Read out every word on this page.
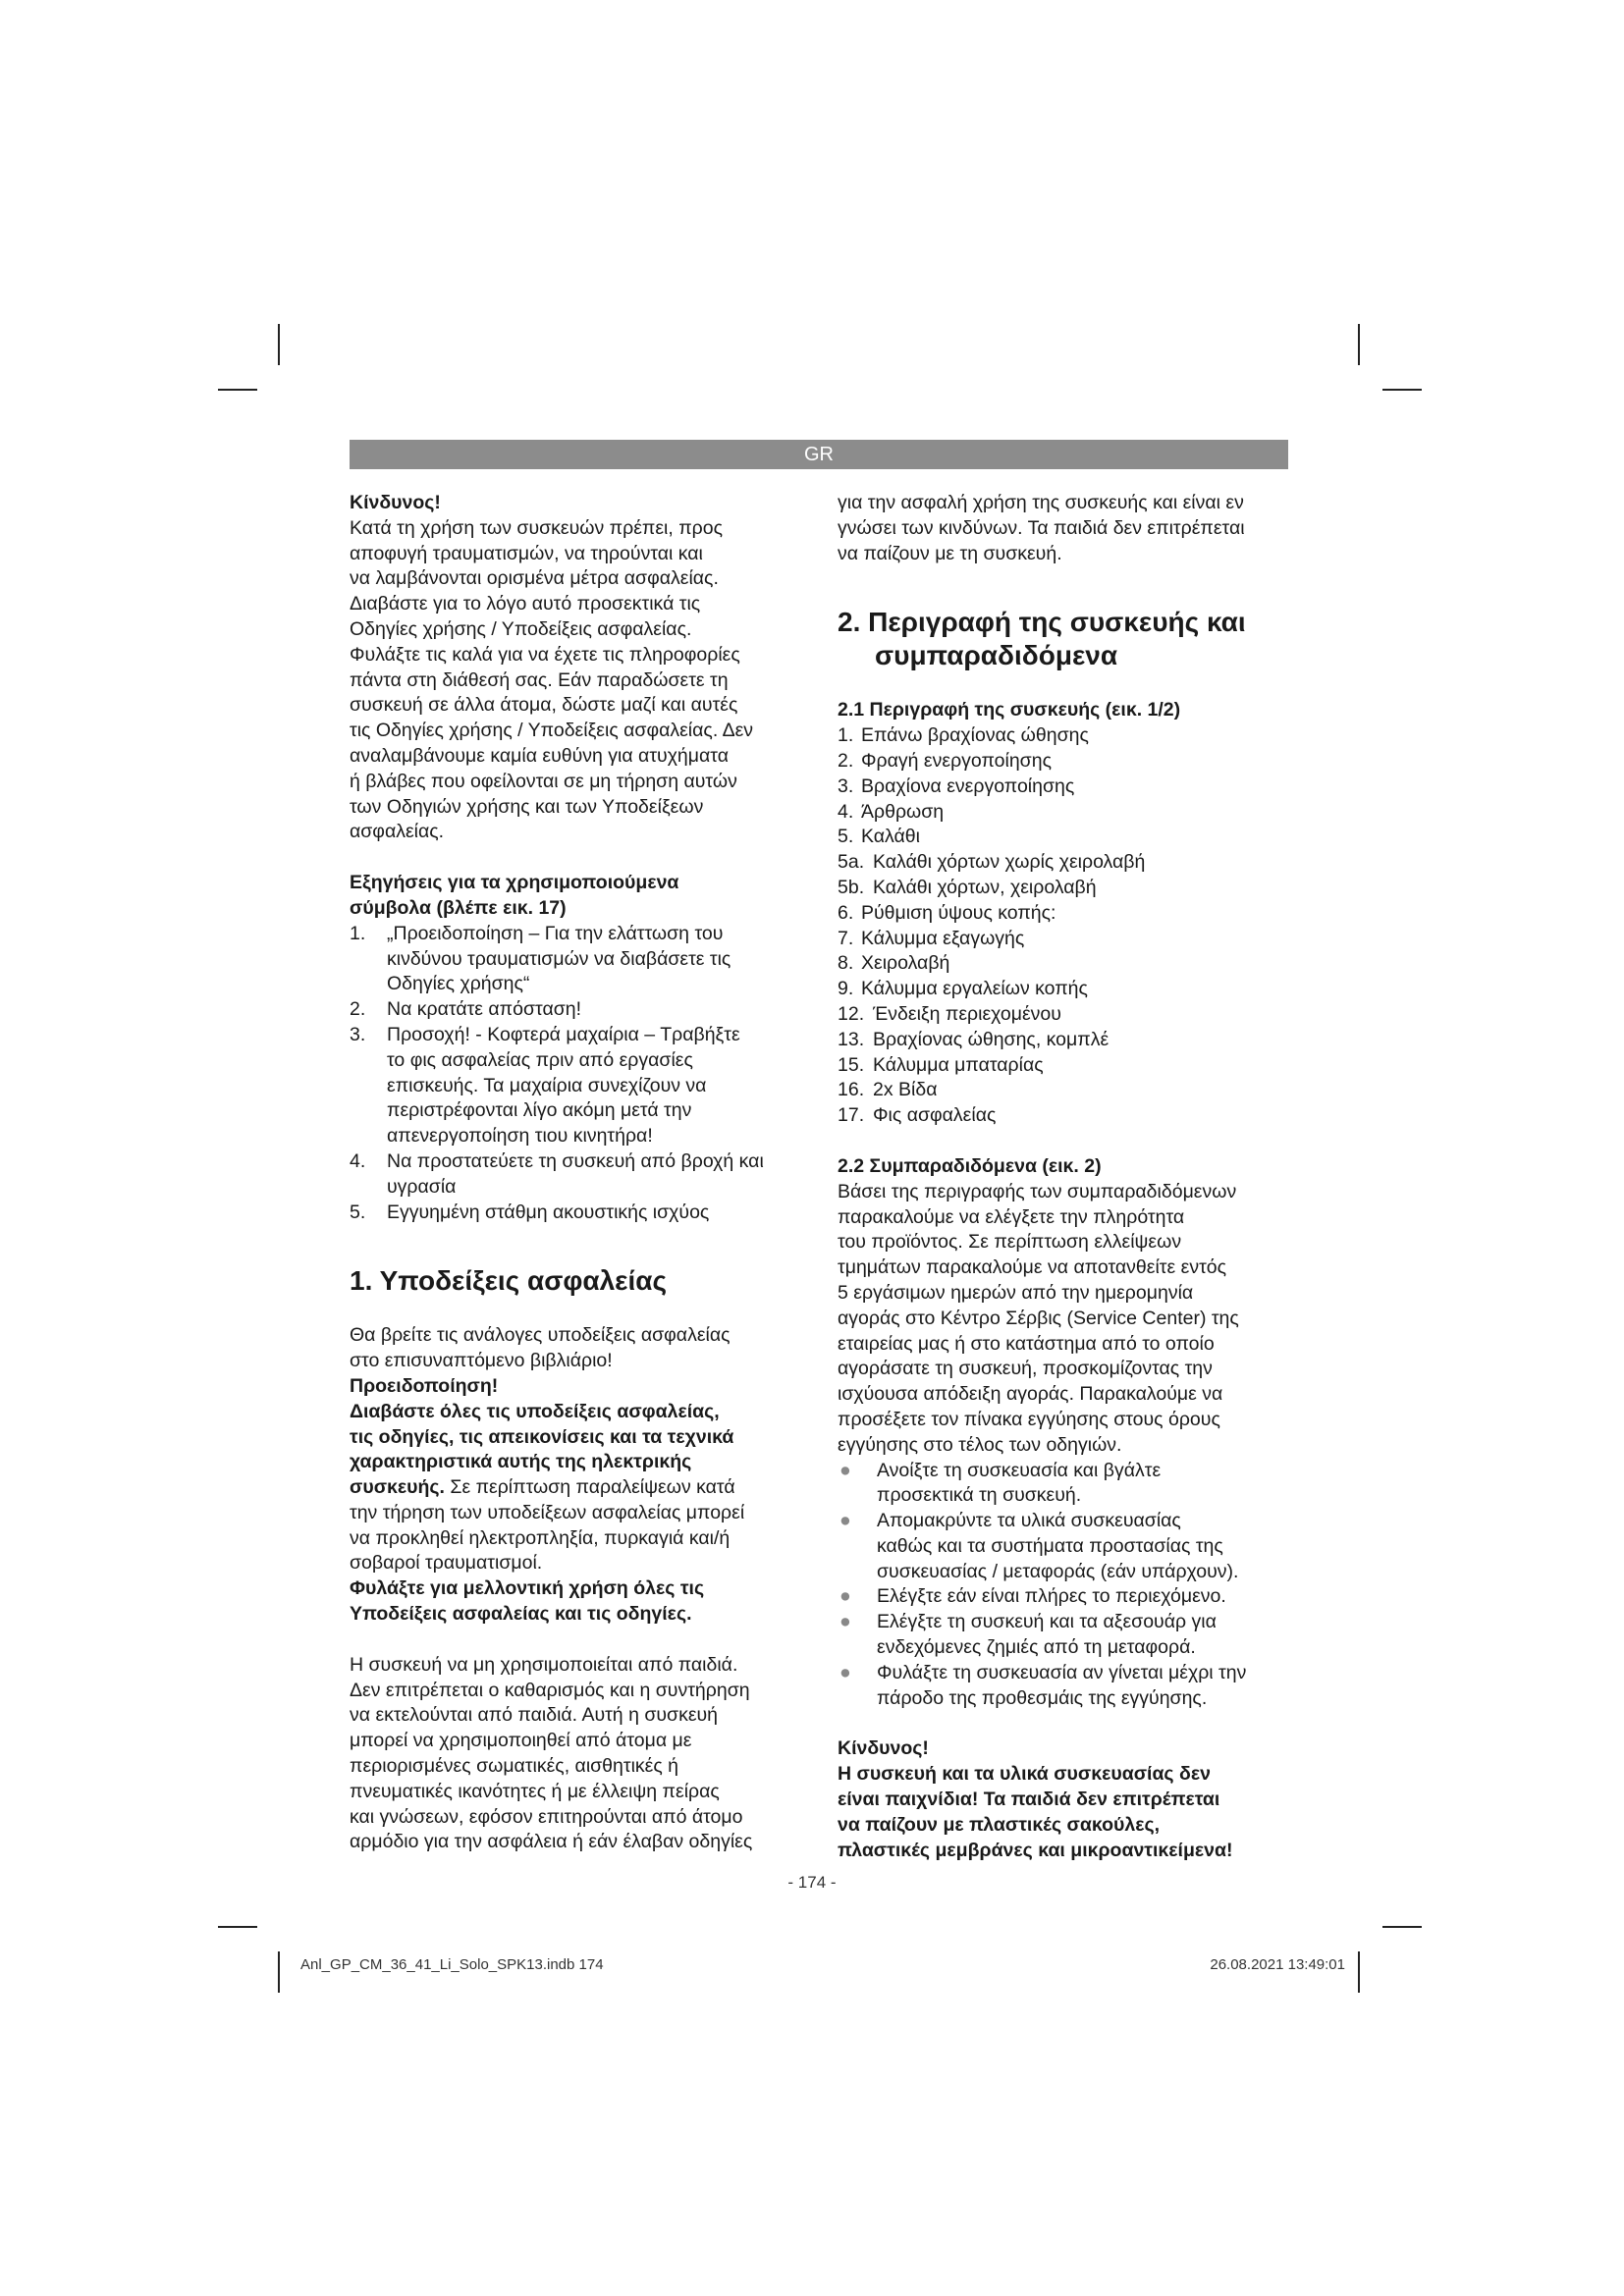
GR

Κίνδυνος!

Κατά τη χρήση των συσκευών πρέπει, προς

αποφυγή τραυματισμών, να τηρούνται και

να λαμβάνονται ορισμένα μέτρα ασφαλείας.

Διαβάστε για το λόγο αυτό προσεκτικά τις

Οδηγίες χρήσης / Υποδείξεις ασφαλείας.

Φυλάξτε τις καλά για να έχετε τις πληροφορίες

πάντα στη διάθεσή σας. Εάν παραδώσετε τη

συσκευή σε άλλα άτομα, δώστε μαζί και αυτές

τις Οδηγίες χρήσης / Υποδείξεις ασφαλείας. Δεν

αναλαμβάνουμε καμία ευθύνη για ατυχήματα

ή βλάβες που οφείλονται σε μη τήρηση αυτών

των Οδηγιών χρήσης και των Υποδείξεων

ασφαλείας.

Εξηγήσεις για τα χρησιμοποιούμενα

σύμβολα (βλέπε εικ. 17)

1.	„Προειδοποίηση – Για την ελάττωση του

κινδύνου τραυματισμών να διαβάσετε τις

Οδηγίες χρήσης“

2.	Να κρατάτε απόσταση!

3.	Προσοχή! - Κοφτερά μαχαίρια – Τραβήξτε

το φις ασφαλείας πριν από εργασίες

επισκευής. Τα μαχαίρια συνεχίζουν να

περιστρέφονται λίγο ακόμη μετά την

απενεργοποίηση τιου κινητήρα!

4.	Να προστατεύετε τη συσκευή από βροχή και

υγρασία

5.	Εγγυημένη στάθμη ακουστικής ισχύος

1. Υποδείξεις ασφαλείας

Θα βρείτε τις ανάλογες υποδείξεις ασφαλείας

στο επισυναπτόμενο βιβλιάριο!

Προειδοποίηση!

Διαβάστε όλες τις υποδείξεις ασφαλείας,

τις οδηγίες, τις απεικονίσεις και τα τεχνικά

χαρακτηριστικά αυτής της ηλεκτρικής

συσκευής. Σε περίπτωση παραλείψεων κατά

την τήρηση των υποδείξεων ασφαλείας μπορεί

να προκληθεί ηλεκτροπληξία, πυρκαγιά και/ή

σοβαροί τραυματισμοί.

Φυλάξτε για μελλοντική χρήση όλες τις

Υποδείξεις ασφαλείας και τις οδηγίες.

Η συσκευή να μη χρησιμοποιείται από παιδιά.

Δεν επιτρέπεται ο καθαρισμός και η συντήρηση

να εκτελούνται από παιδιά. Αυτή η συσκευή

μπορεί να χρησιμοποιηθεί από άτομα με

περιορισμένες σωματικές, αισθητικές ή

πνευματικές ικανότητες ή με έλλειψη πείρας

και γνώσεων, εφόσον επιτηρούνται από άτομο

αρμόδιο για την ασφάλεια ή εάν έλαβαν οδηγίες

για την ασφαλή χρήση της συσκευής και είναι εν

γνώσει των κινδύνων. Τα παιδιά δεν επιτρέπεται

να παίζουν με τη συσκευή.

2. Περιγραφή της συσκευής και

συμπαραδιδόμενα

2.1 Περιγραφή της συσκευής (εικ. 1/2)

1. Επάνω βραχίονας ώθησης
2. Φραγή ενεργοποίησης
3. Βραχίονα ενεργοποίησης
4. Άρθρωση
5. Καλάθι
5a. Καλάθι χόρτων χωρίς χειρολαβή
5b. Καλάθι χόρτων, χειρολαβή
6. Ρύθμιση ύψους κοπής:
7. Κάλυμμα εξαγωγής
8. Χειρολαβή
9. Κάλυμμα εργαλείων κοπής
12. Ένδειξη περιεχομένου
13. Βραχίονας ώθησης, κομπλέ
15. Κάλυμμα μπαταρίας
16. 2x Βίδα
17. Φις ασφαλείας

2.2 Συμπαραδιδόμενα (εικ. 2)

Βάσει της περιγραφής των συμπαραδιδόμενων

παρακαλούμε να ελέγξετε την πληρότητα

του προϊόντος. Σε περίπτωση ελλείψεων

τμημάτων παρακαλούμε να αποτανθείτε εντός

5 εργάσιμων ημερών από την ημερομηνία

αγοράς στο Κέντρο Σέρβις (Service Center) της

εταιρείας μας ή στο κατάστημα από το οποίο

αγοράσατε τη συσκευή, προσκομίζοντας την

ισχύουσα απόδειξη αγοράς. Παρακαλούμε να

προσέξετε τον πίνακα εγγύησης στους όρους

εγγύησης στο τέλος των οδηγιών.

●	Ανοίξτε τη συσκευασία και βγάλτε

προσεκτικά τη συσκευή.

●	Απομακρύντε τα υλικά συσκευασίας

καθώς και τα συστήματα προστασίας της

συσκευασίας / μεταφοράς (εάν υπάρχουν).

●	Ελέγξτε εάν είναι πλήρες το περιεχόμενο.

●	Ελέγξτε τη συσκευή και τα αξεσουάρ για

ενδεχόμενες ζημιές από τη μεταφορά.

●	Φυλάξτε τη συσκευασία αν γίνεται μέχρι την

πάροδο της προθεσμάις της εγγύησης.

Κίνδυνος!

Η συσκευή και τα υλικά συσκευασίας δεν

είναι παιχνίδια! Τα παιδιά δεν επιτρέπεται

να παίζουν με πλαστικές σακούλες,

πλαστικές μεμβράνες και μικροαντικείμενα!

- 174 -
Anl_GP_CM_36_41_Li_Solo_SPK13.indb 174	26.08.2021 13:49:01
